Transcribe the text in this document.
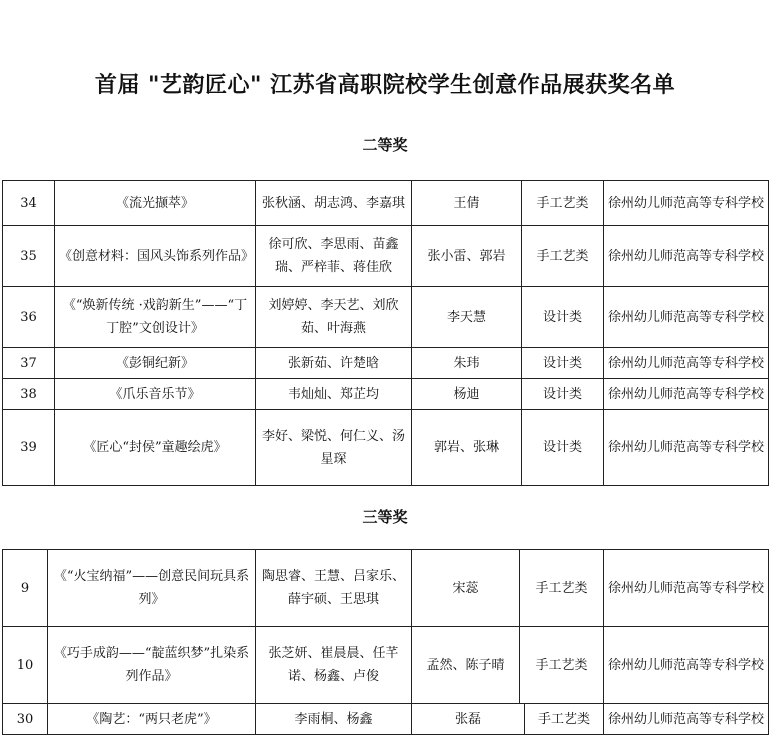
首届 "艺韵匠心" 江苏省高职院校学生创意作品展获奖名单
二等奖
34	《流光撷萃》	张秋涵、胡志鸿、李嘉琪	王倩	手工艺类	徐州幼儿师范高等专科学校
35	《创意材料：国风头饰系列作品》	徐可欣、李思雨、苗鑫瑞、严梓菲、蒋佳欣	张小雷、郭岩	手工艺类	徐州幼儿师范高等专科学校
36	《“焕新传统 ·戏韵新生”——“丁丁腔”文创设计》	刘婷婷、李天艺、刘欣茹、叶海燕	李天慧	设计类	徐州幼儿师范高等专科学校
37	《彭铜纪新》	张新茹、许楚晗	朱玮	设计类	徐州幼儿师范高等专科学校
38	《爪乐音乐节》	韦灿灿、郑芷均	杨迪	设计类	徐州幼儿师范高等专科学校
39	《匠心“封侯”童趣绘虎》	李好、梁悦、何仁义、汤星琛	郭岩、张琳	设计类	徐州幼儿师范高等专科学校
三等奖
9	《“火宝纳福”——创意民间玩具系列》	陶思睿、王慧、吕家乐、薛宇硕、王思琪	宋蕊	手工艺类	徐州幼儿师范高等专科学校
10	《巧手成韵——“靛蓝织梦”扎染系列作品》	张芝妍、崔晨晨、任芊诺、杨鑫、卢俊	孟然、陈子晴	手工艺类	徐州幼儿师范高等专科学校
30	《陶艺：“两只老虎”》	李雨桐、杨鑫	张磊	手工艺类	徐州幼儿师范高等专科学校
